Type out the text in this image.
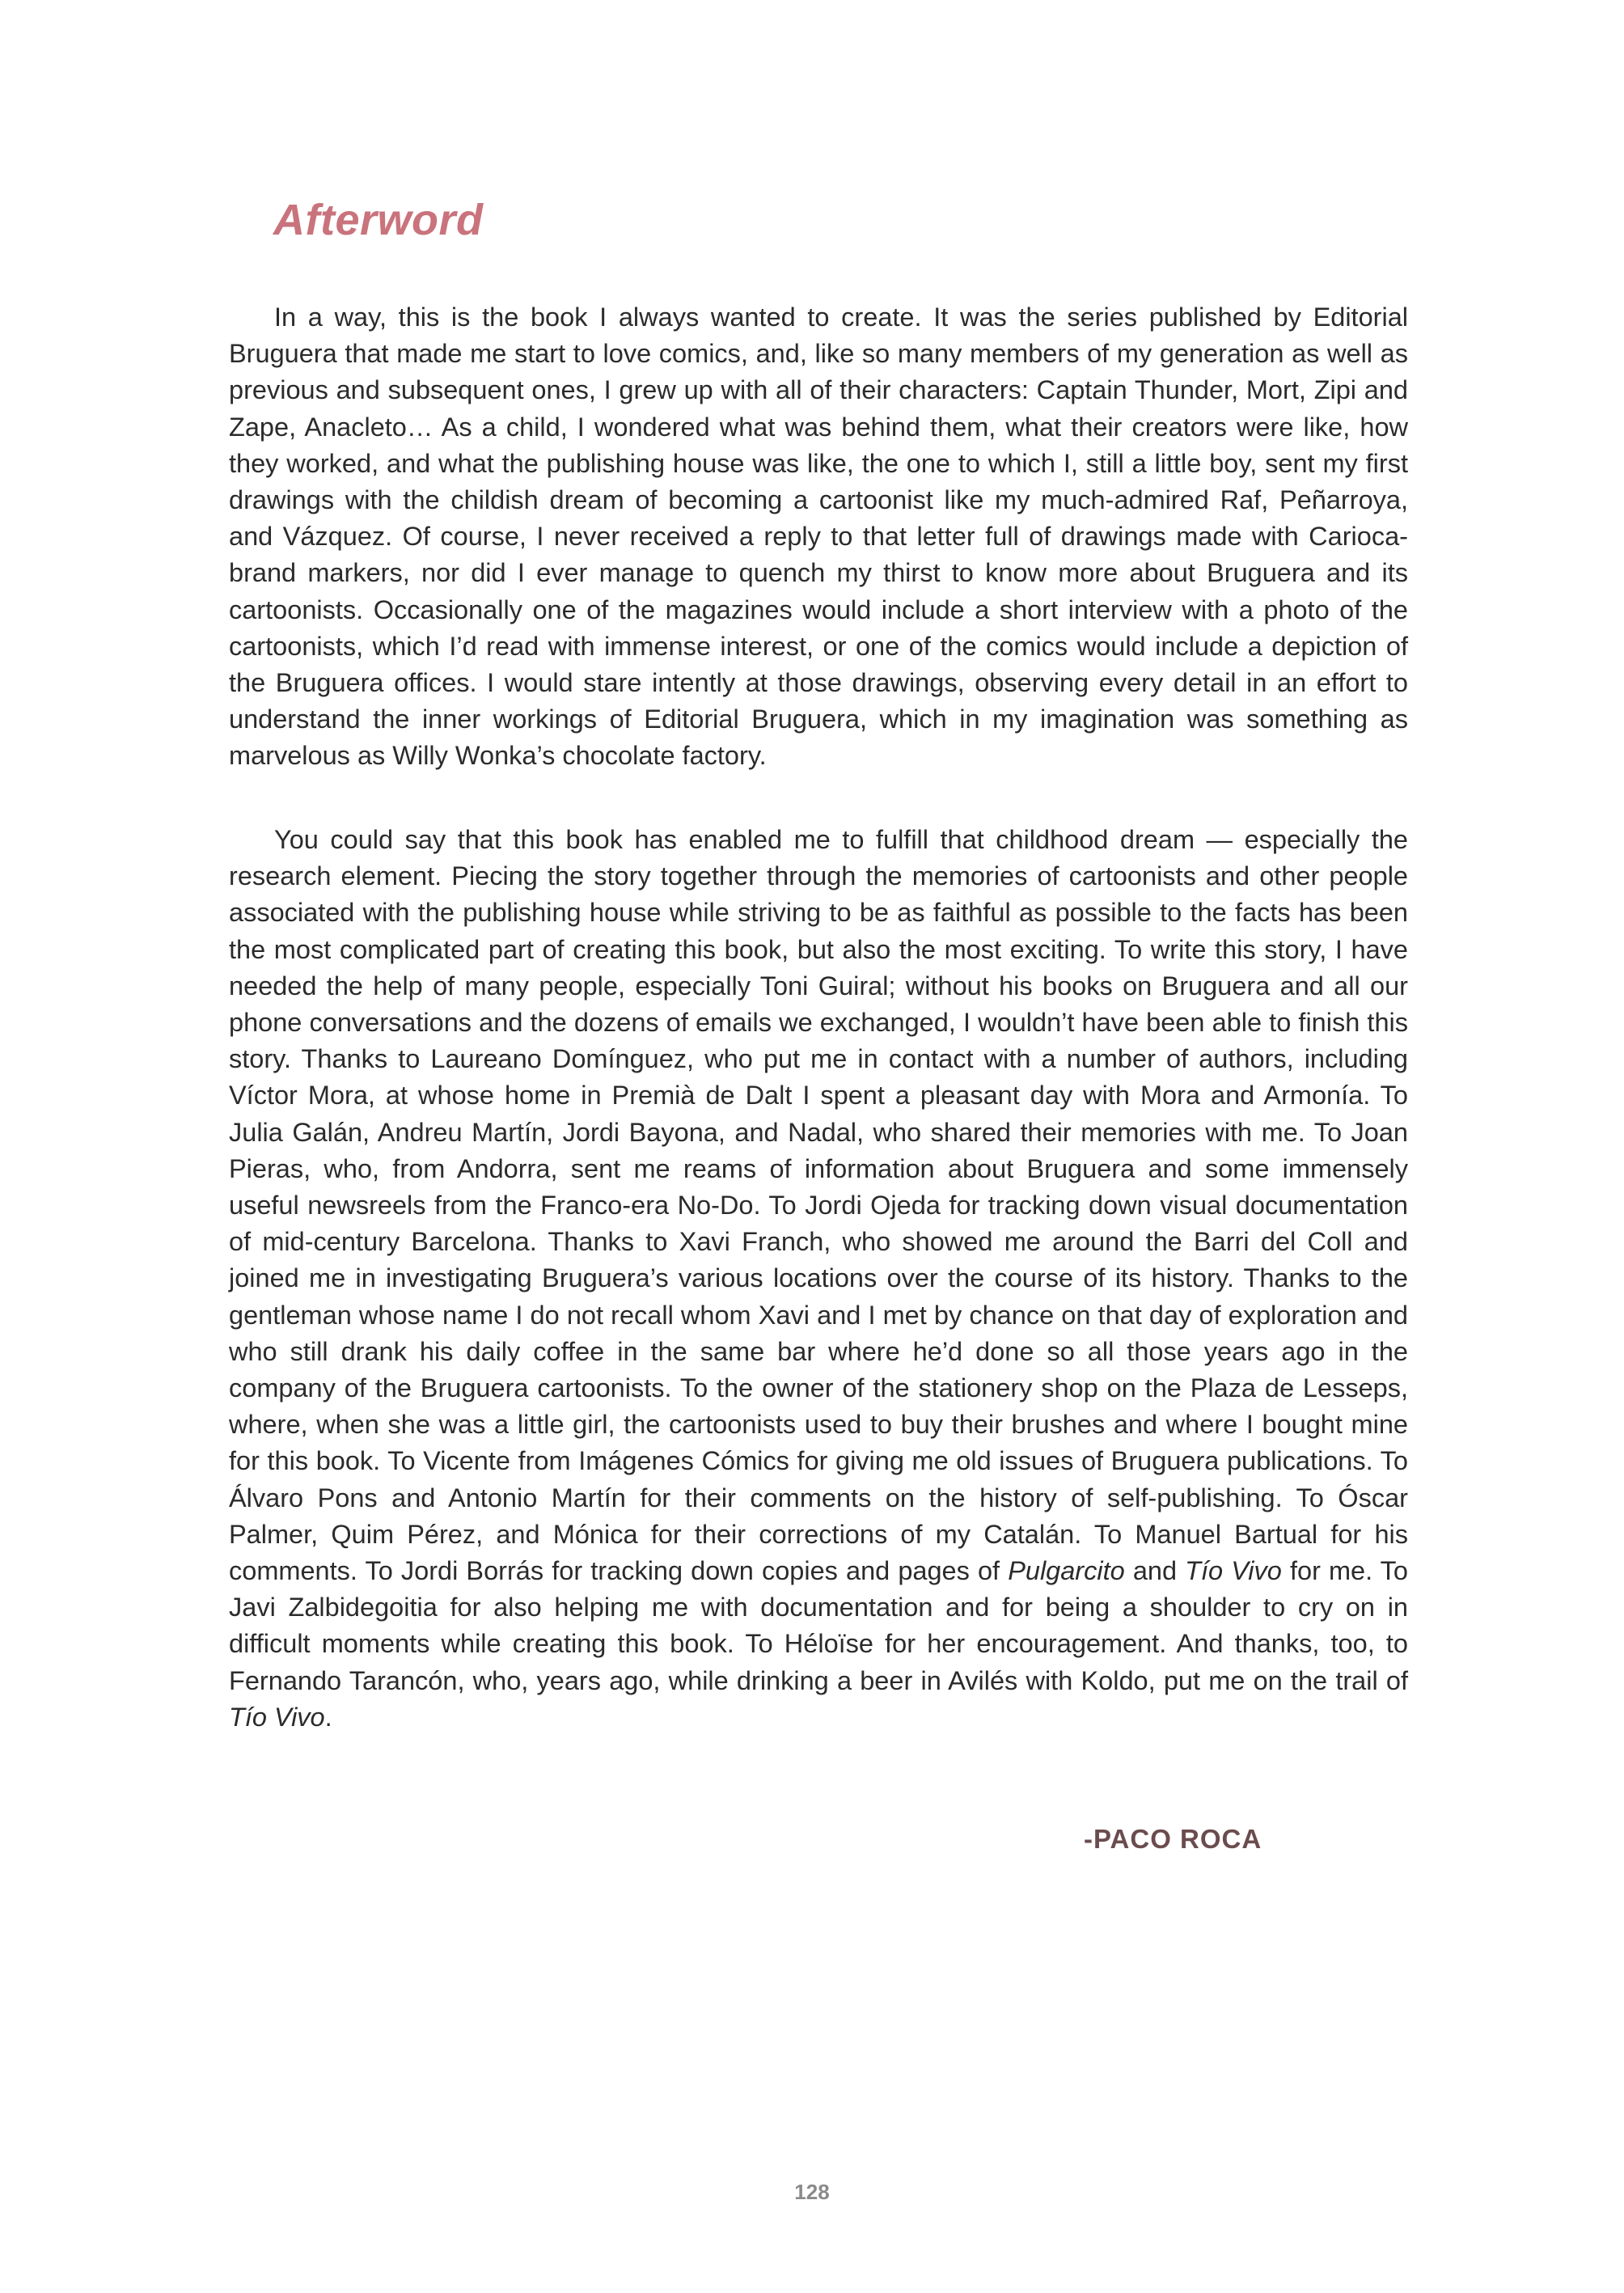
Afterword

In a way, this is the book I always wanted to create. It was the series published by Editorial Bruguera that made me start to love comics, and, like so many members of my generation as well as previous and subsequent ones, I grew up with all of their characters: Captain Thunder, Mort, Zipi and Zape, Anacleto… As a child, I wondered what was behind them, what their creators were like, how they worked, and what the publishing house was like, the one to which I, still a little boy, sent my first drawings with the childish dream of becoming a cartoonist like my much-admired Raf, Peñarroya, and Vázquez. Of course, I never received a reply to that letter full of drawings made with Carioca-brand markers, nor did I ever manage to quench my thirst to know more about Bruguera and its cartoonists. Occasionally one of the magazines would include a short interview with a photo of the cartoonists, which I’d read with immense interest, or one of the comics would include a depiction of the Bruguera offices. I would stare intently at those drawings, observing every detail in an effort to understand the inner workings of Editorial Bruguera, which in my imagination was something as marvelous as Willy Wonka’s chocolate factory.

You could say that this book has enabled me to fulfill that childhood dream — especially the research element. Piecing the story together through the memories of cartoonists and other people associated with the publishing house while striving to be as faithful as possible to the facts has been the most complicated part of creating this book, but also the most exciting. To write this story, I have needed the help of many people, especially Toni Guiral; without his books on Bruguera and all our phone conversations and the dozens of emails we exchanged, I wouldn’t have been able to finish this story. Thanks to Laureano Domínguez, who put me in contact with a number of authors, including Víctor Mora, at whose home in Premià de Dalt I spent a pleasant day with Mora and Armonía. To Julia Galán, Andreu Martín, Jordi Bayona, and Nadal, who shared their memories with me. To Joan Pieras, who, from Andorra, sent me reams of information about Bruguera and some immensely useful newsreels from the Franco-era No-Do. To Jordi Ojeda for tracking down visual documentation of mid-century Barcelona. Thanks to Xavi Franch, who showed me around the Barri del Coll and joined me in investigating Bruguera’s various locations over the course of its history. Thanks to the gentleman whose name I do not recall whom Xavi and I met by chance on that day of exploration and who still drank his daily coffee in the same bar where he’d done so all those years ago in the company of the Bruguera cartoonists. To the owner of the stationery shop on the Plaza de Lesseps, where, when she was a little girl, the cartoonists used to buy their brushes and where I bought mine for this book. To Vicente from Imágenes Cómics for giving me old issues of Bruguera publications. To Álvaro Pons and Antonio Martín for their comments on the history of self-publishing. To Óscar Palmer, Quim Pérez, and Mónica for their corrections of my Catalán. To Manuel Bartual for his comments. To Jordi Borrás for tracking down copies and pages of Pulgarcito and Tío Vivo for me. To Javi Zalbidegoitia for also helping me with documentation and for being a shoulder to cry on in difficult moments while creating this book. To Héloïse for her encouragement. And thanks, too, to Fernando Tarancón, who, years ago, while drinking a beer in Avilés with Koldo, put me on the trail of Tío Vivo.

-PACO ROCA

128
